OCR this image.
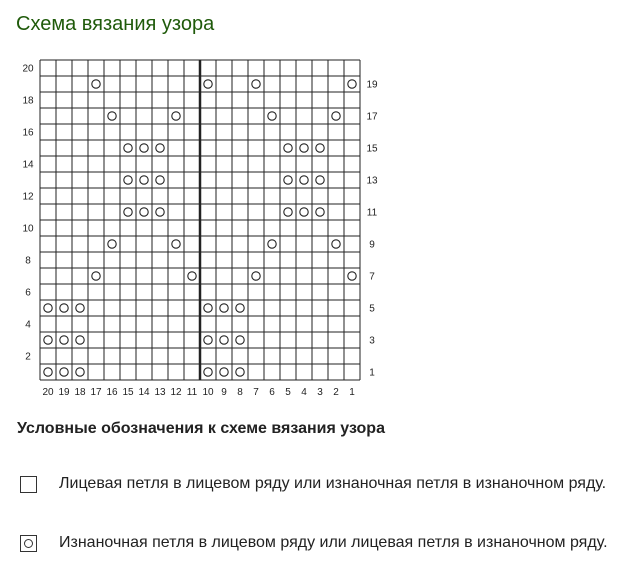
Схема вязания узора
2
4
6
8
10
12
14
16
18
20
1
3
5
7
9
11
13
15
17
19
20 19 18 17 16 15 14 13 12 11 10 9 8 7 6 5 4 3 2 1
Условные обозначения к схеме вязания узора
Лицевая петля в лицевом ряду или изнаночная петля в изнаночном ряду.
Изнаночная петля в лицевом ряду или лицевая петля в изнаночном ряду.
